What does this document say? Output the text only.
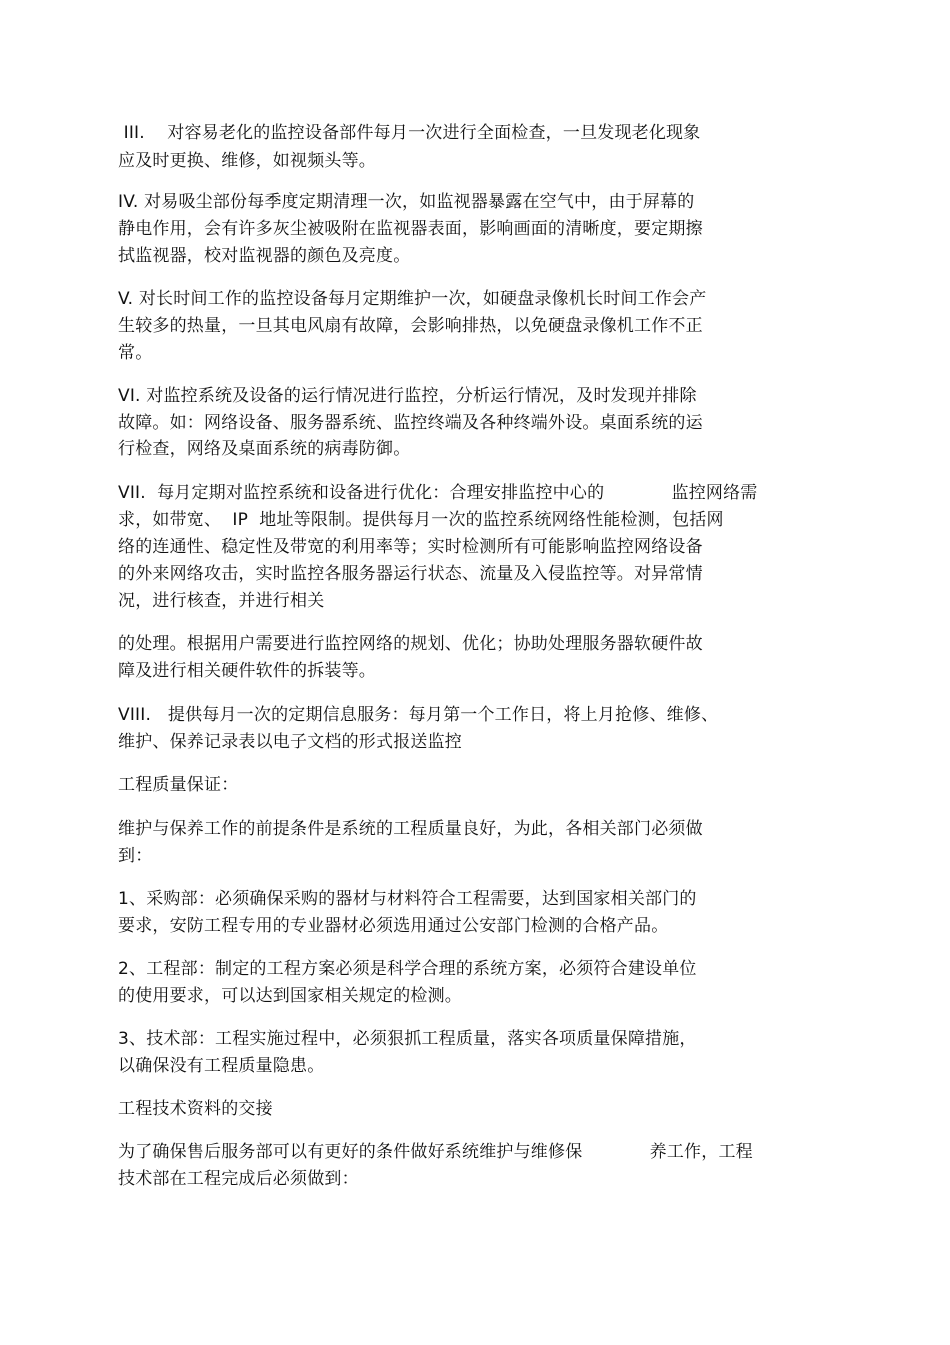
III.    对容易老化的监控设备部件每月一次进行全面检查，一旦发现老化现象
应及时更换、维修，如视频头等。
IV. 对易吸尘部份每季度定期清理一次，如监视器暴露在空气中，由于屏幕的
静电作用，会有许多灰尘被吸附在监视器表面，影响画面的清晰度，要定期擦
拭监视器，校对监视器的颜色及亮度。
V. 对长时间工作的监控设备每月定期维护一次，如硬盘录像机长时间工作会产
生较多的热量，一旦其电风扇有故障，会影响排热，以免硬盘录像机工作不正
常。
VI. 对监控系统及设备的运行情况进行监控，分析运行情况，及时发现并排除
故障。如：网络设备、服务器系统、监控终端及各种终端外设。桌面系统的运
行检查，网络及桌面系统的病毒防御。
VII.  每月定期对监控系统和设备进行优化：合理安排监控中心的            监控网络需
求，如带宽、  IP  地址等限制。提供每月一次的监控系统网络性能检测，包括网
络的连通性、稳定性及带宽的利用率等；实时检测所有可能影响监控网络设备
的外来网络攻击，实时监控各服务器运行状态、流量及入侵监控等。对异常情
况，进行核查，并进行相关
的处理。根据用户需要进行监控网络的规划、优化；协助处理服务器软硬件故
障及进行相关硬件软件的拆装等。
VIII.   提供每月一次的定期信息服务：每月第一个工作日，将上月抢修、维修、
维护、保养记录表以电子文档的形式报送监控
工程质量保证：
维护与保养工作的前提条件是系统的工程质量良好，为此，各相关部门必须做
到：
1、采购部：必须确保采购的器材与材料符合工程需要，达到国家相关部门的
要求，安防工程专用的专业器材必须选用通过公安部门检测的合格产品。
2、工程部：制定的工程方案必须是科学合理的系统方案，必须符合建设单位
的使用要求，可以达到国家相关规定的检测。
3、技术部：工程实施过程中，必须狠抓工程质量，落实各项质量保障措施，
以确保没有工程质量隐患。
工程技术资料的交接
为了确保售后服务部可以有更好的条件做好系统维护与维修保            养工作，工程
技术部在工程完成后必须做到：
